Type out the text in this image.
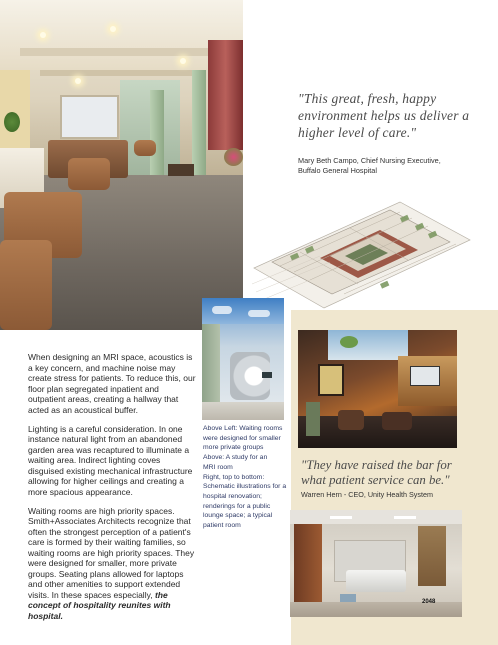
"This great, fresh, happy environment helps us deliver a higher level of care."
Mary Beth Campo, Chief Nursing Executive,
Buffalo General Hospital
Above Left: Waiting rooms
were designed for smaller
more private groups
Above: A study for an
MRI room
Right, top to bottom:
Schematic illustrations for a
hospital renovation;
renderings for a public
lounge space; a typical
patient room

When designing an MRI space, acoustics is a key concern, and machine noise may create stress for patients. To reduce this, our floor plan segregated inpatient and outpatient areas, creating a hallway that acted as an acoustical buffer.

Lighting is a careful consideration. In one instance natural light from an abandoned garden area was recaptured to illuminate a waiting area. Indirect lighting coves disguised existing mechanical infrastructure allowing for higher ceilings and creating a more spacious appearance.

Waiting rooms are high priority spaces. Smith+Associates Architects recognize that often the strongest perception of a patient's care is formed by their waiting families, so waiting rooms are high priority spaces. They were designed for smaller, more private groups. Seating plans allowed for laptops and other amenities to support extended visits. In these spaces especially, the concept of hospitality reunites with hospital.

"They have raised the bar for what patient service can be."
Warren Hern - CEO, Unity Health System
2048
